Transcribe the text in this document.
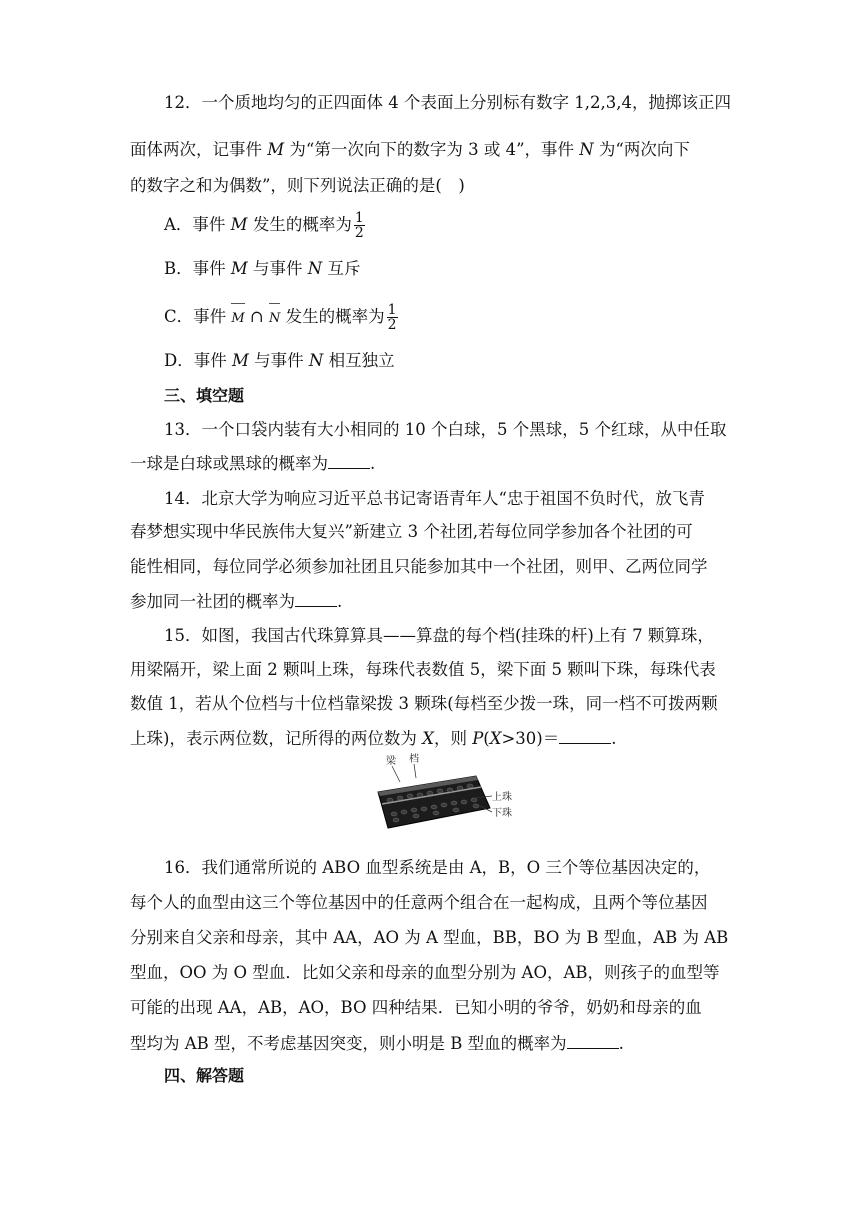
12．一个质地均匀的正四面体 4 个表面上分别标有数字 1,2,3,4，抛掷该正四
面体两次，记事件 M 为“第一次向下的数字为 3 或 4”，事件 N 为“两次向下
的数字之和为偶数”，则下列说法正确的是(　)
A．事件 M 发生的概率为 $\frac{1}{2}$
B．事件 M 与事件 N 互斥
C．事件 M ∩ N 发生的概率为 $\frac{1}{2}$
D．事件 M 与事件 N 相互独立
三、填空题
13．一个口袋内装有大小相同的 10 个白球，5 个黑球，5 个红球，从中任取
一球是白球或黑球的概率为	.
14．北京大学为响应习近平总书记寄语青年人“忠于祖国不负时代，放飞青
春梦想实现中华民族伟大复兴”新建立 3 个社团,若每位同学参加各个社团的可
能性相同，每位同学必须参加社团且只能参加其中一个社团，则甲、乙两位同学
参加同一社团的概率为	.
15．如图，我国古代珠算算具——算盘的每个档(挂珠的杆)上有 7 颗算珠，
用梁隔开，梁上面 2 颗叫上珠，每珠代表数值 5，梁下面 5 颗叫下珠，每珠代表
数值 1，若从个位档与十位档靠梁拨 3 颗珠(每档至少拨一珠，同一档不可拨两颗
上珠)，表示两位数，记所得的两位数为 X，则 P(X>30)＝	.
梁 档
上珠
下珠
16．我们通常所说的 ABO 血型系统是由 A，B，O 三个等位基因决定的，
每个人的血型由这三个等位基因中的任意两个组合在一起构成，且两个等位基因
分别来自父亲和母亲，其中 AA，AO 为 A 型血，BB，BO 为 B 型血，AB 为 AB
型血，OO 为 O 型血．比如父亲和母亲的血型分别为 AO，AB，则孩子的血型等
可能的出现 AA，AB，AO，BO 四种结果．已知小明的爷爷，奶奶和母亲的血
型均为 AB 型，不考虑基因突变，则小明是 B 型血的概率为	.
四、解答题
